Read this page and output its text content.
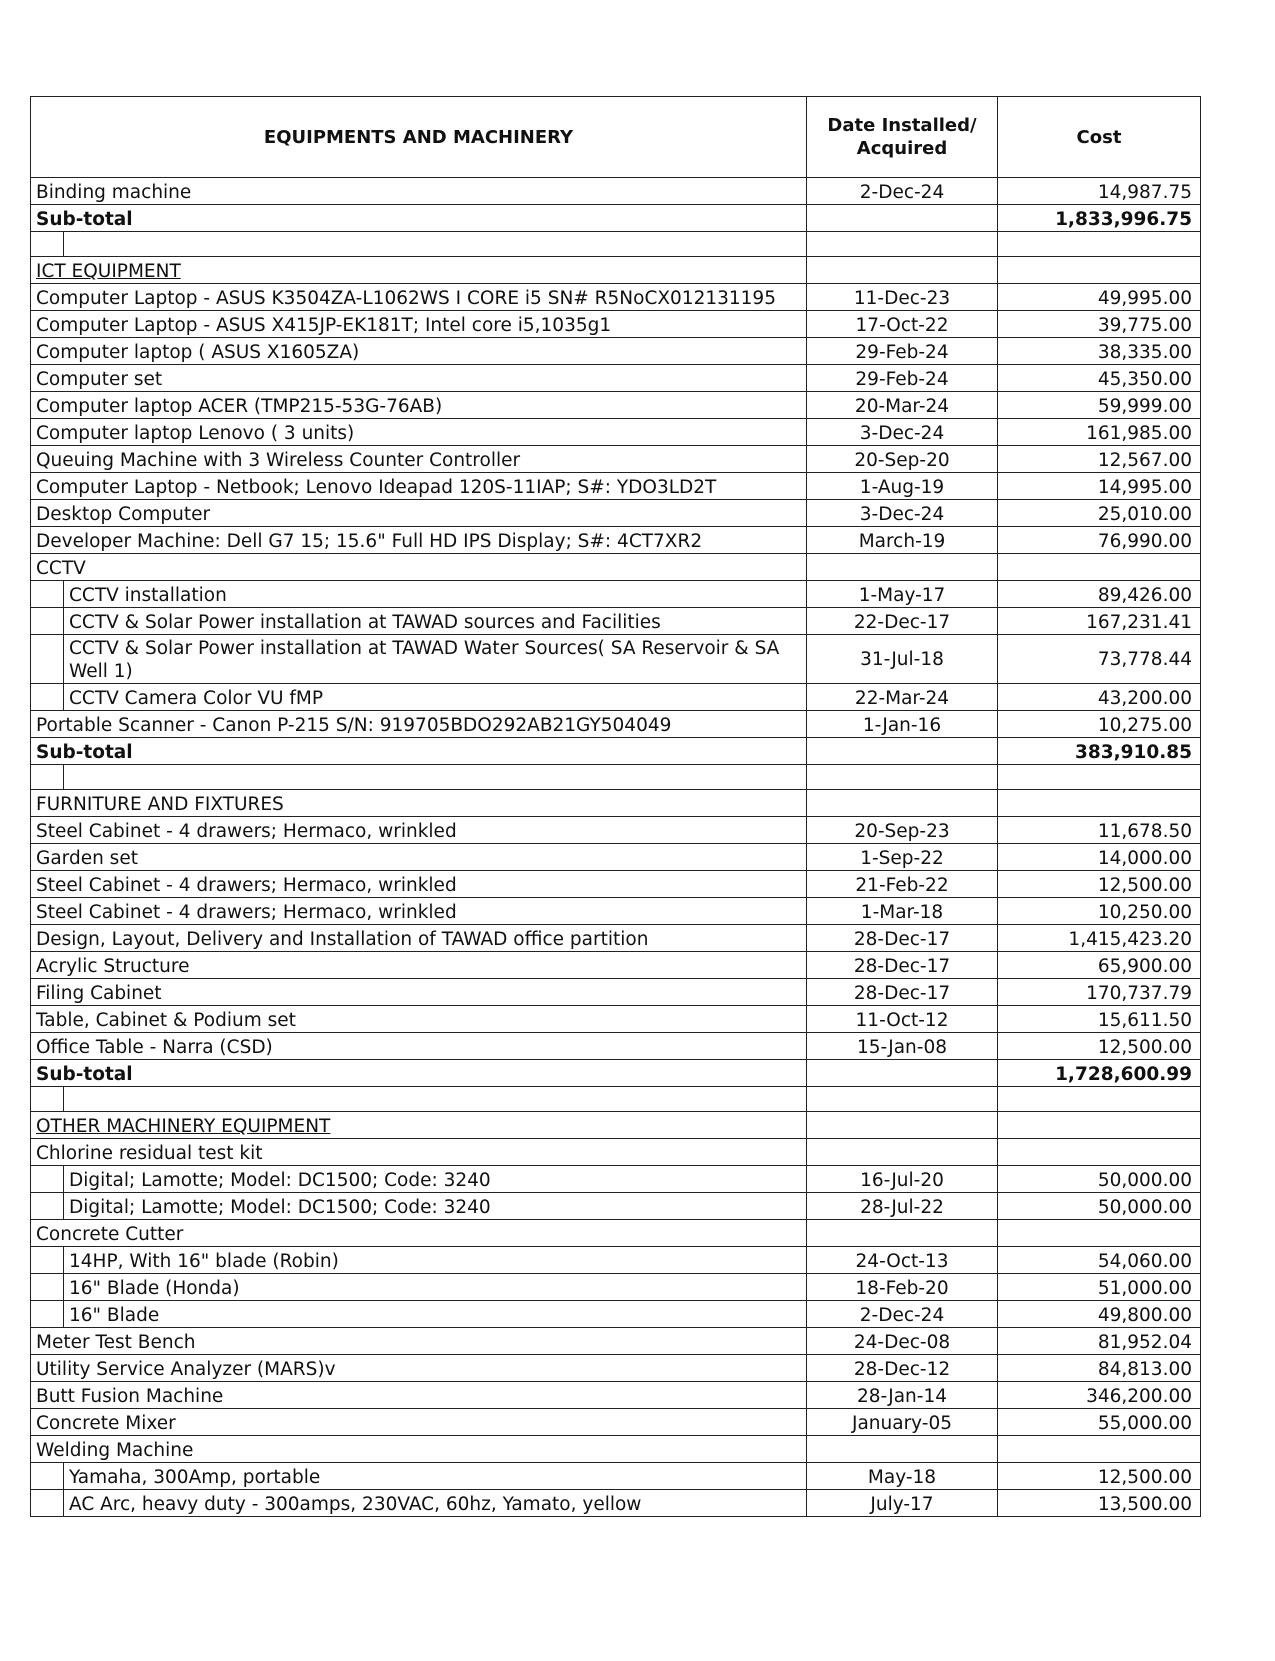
EQUIPMENTS AND MACHINERY	Date Installed/ Acquired	Cost
Binding machine	2-Dec-24	14,987.75
Sub-total		1,833,996.75

ICT EQUIPMENT		
Computer Laptop - ASUS K3504ZA-L1062WS I CORE i5 SN# R5NoCX012131195	11-Dec-23	49,995.00
Computer Laptop - ASUS X415JP-EK181T; Intel core i5,1035g1	17-Oct-22	39,775.00
Computer laptop ( ASUS X1605ZA)	29-Feb-24	38,335.00
Computer set	29-Feb-24	45,350.00
Computer laptop ACER (TMP215-53G-76AB)	20-Mar-24	59,999.00
Computer laptop Lenovo ( 3 units)	3-Dec-24	161,985.00
Queuing Machine with 3 Wireless Counter Controller	20-Sep-20	12,567.00
Computer Laptop - Netbook; Lenovo Ideapad 120S-11IAP; S#: YDO3LD2T	1-Aug-19	14,995.00
Desktop Computer	3-Dec-24	25,010.00
Developer Machine: Dell G7 15; 15.6" Full HD IPS Display; S#: 4CT7XR2	March-19	76,990.00
CCTV		
CCTV installation	1-May-17	89,426.00
CCTV & Solar Power installation at TAWAD sources and Facilities	22-Dec-17	167,231.41
CCTV & Solar Power installation at TAWAD Water Sources( SA Reservoir & SA Well 1)	31-Jul-18	73,778.44
CCTV Camera Color VU fMP	22-Mar-24	43,200.00
Portable Scanner - Canon P-215 S/N: 919705BDO292AB21GY504049	1-Jan-16	10,275.00
Sub-total		383,910.85

FURNITURE AND FIXTURES		
Steel Cabinet - 4 drawers; Hermaco, wrinkled	20-Sep-23	11,678.50
Garden set	1-Sep-22	14,000.00
Steel Cabinet - 4 drawers; Hermaco, wrinkled	21-Feb-22	12,500.00
Steel Cabinet - 4 drawers; Hermaco, wrinkled	1-Mar-18	10,250.00
Design, Layout, Delivery and Installation of TAWAD office partition	28-Dec-17	1,415,423.20
Acrylic Structure	28-Dec-17	65,900.00
Filing Cabinet	28-Dec-17	170,737.79
Table, Cabinet & Podium set	11-Oct-12	15,611.50
Office Table - Narra (CSD)	15-Jan-08	12,500.00
Sub-total		1,728,600.99

OTHER MACHINERY EQUIPMENT		
Chlorine residual test kit		
Digital; Lamotte; Model: DC1500; Code: 3240	16-Jul-20	50,000.00
Digital; Lamotte; Model: DC1500; Code: 3240	28-Jul-22	50,000.00
Concrete Cutter		
14HP, With 16" blade (Robin)	24-Oct-13	54,060.00
16" Blade (Honda)	18-Feb-20	51,000.00
16" Blade	2-Dec-24	49,800.00
Meter Test Bench	24-Dec-08	81,952.04
Utility Service Analyzer (MARS)v	28-Dec-12	84,813.00
Butt Fusion Machine	28-Jan-14	346,200.00
Concrete Mixer	January-05	55,000.00
Welding Machine		
Yamaha, 300Amp, portable	May-18	12,500.00
AC Arc, heavy duty - 300amps, 230VAC, 60hz, Yamato, yellow	July-17	13,500.00
